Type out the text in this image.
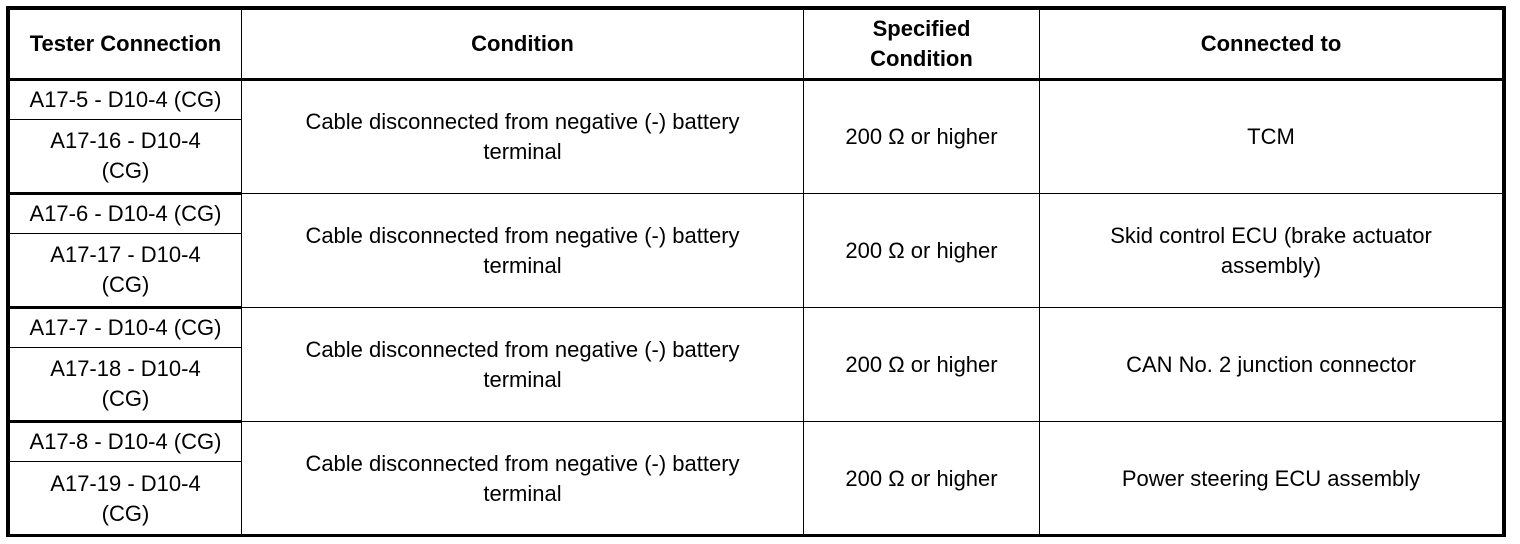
Tester Connection	Condition	Specified Condition	Connected to
A17-5 - D10-4 (CG)	Cable disconnected from negative (-) battery terminal	200 Ω or higher	TCM
A17-16 - D10-4 (CG)			
A17-6 - D10-4 (CG)	Cable disconnected from negative (-) battery terminal	200 Ω or higher	Skid control ECU (brake actuator assembly)
A17-17 - D10-4 (CG)			
A17-7 - D10-4 (CG)	Cable disconnected from negative (-) battery terminal	200 Ω or higher	CAN No. 2 junction connector
A17-18 - D10-4 (CG)			
A17-8 - D10-4 (CG)	Cable disconnected from negative (-) battery terminal	200 Ω or higher	Power steering ECU assembly
A17-19 - D10-4 (CG)			
